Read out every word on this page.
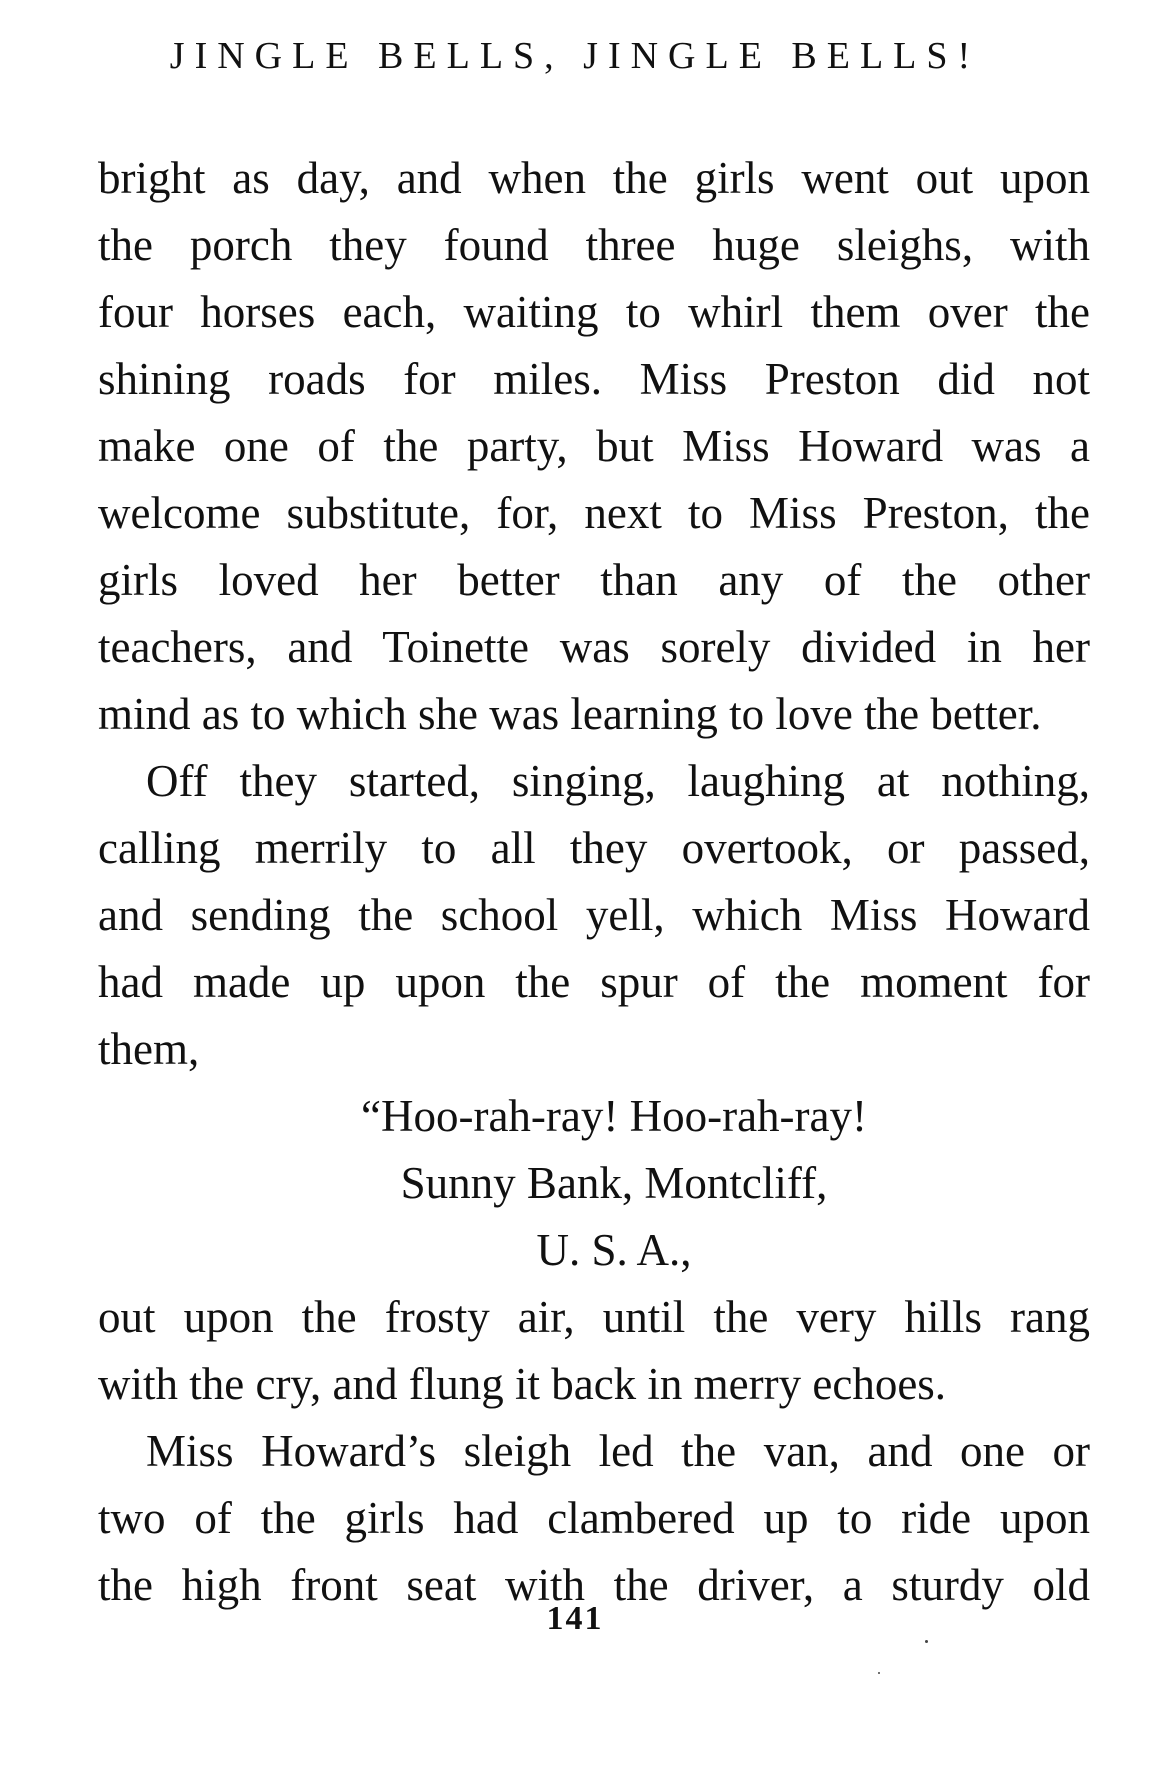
JINGLE BELLS, JINGLE BELLS!
bright as day, and when the girls went out upon
the porch they found three huge sleighs, with
four horses each, waiting to whirl them over the
shining roads for miles. Miss Preston did not
make one of the party, but Miss Howard was a
welcome substitute, for, next to Miss Preston, the
girls loved her better than any of the other
teachers, and Toinette was sorely divided in her
mind as to which she was learning to love the better.
Off they started, singing, laughing at nothing,
calling merrily to all they overtook, or passed,
and sending the school yell, which Miss Howard
had made up upon the spur of the moment for
them,
“Hoo-rah-ray! Hoo-rah-ray!
Sunny Bank, Montcliff,
U. S. A.,
out upon the frosty air, until the very hills rang
with the cry, and flung it back in merry echoes.
Miss Howard’s sleigh led the van, and one or
two of the girls had clambered up to ride upon
the high front seat with the driver, a sturdy old
141
